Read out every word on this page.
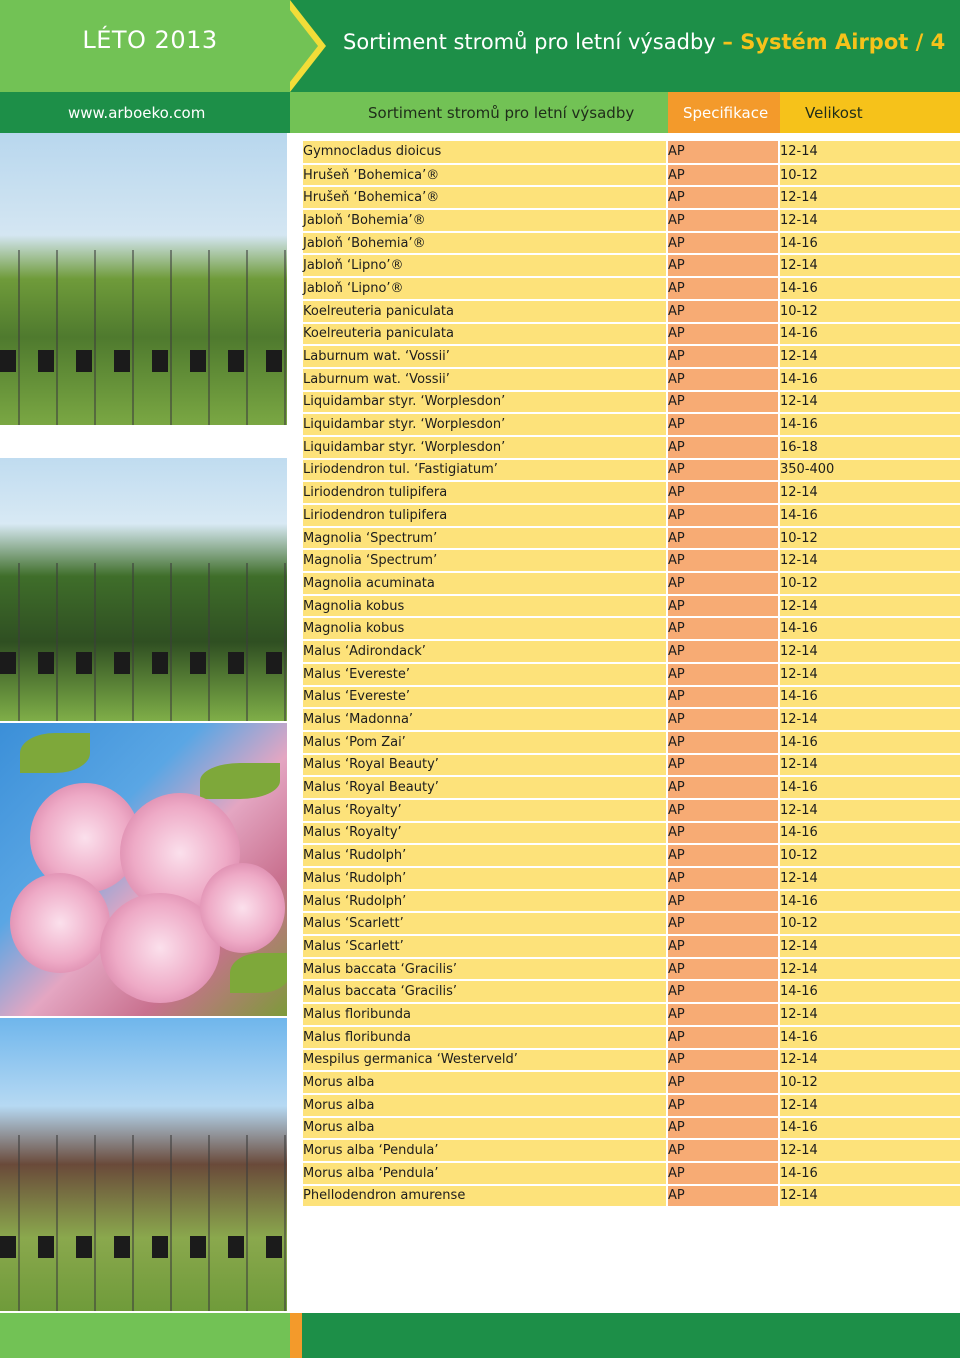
LÉTO 2013	Sortiment stromů pro letní výsadby – Systém Airpot / 4
www.arboeko.com	Sortiment stromů pro letní výsadby	Specifikace Velikost
Gymnocladus dioicus	AP	12-14
Hrušeň ‘Bohemica’®	AP	10-12
Hrušeň ‘Bohemica’®	AP	12-14
Jabloň ‘Bohemia’®	AP	12-14
Jabloň ‘Bohemia’®	AP	14-16
Jabloň ‘Lipno’®	AP	12-14
Jabloň ‘Lipno’®	AP	14-16
Koelreuteria paniculata	AP	10-12
Koelreuteria paniculata	AP	14-16
Laburnum wat. ‘Vossii’	AP	12-14
Laburnum wat. ‘Vossii’	AP	14-16
Liquidambar styr. ‘Worplesdon’	AP	12-14
Liquidambar styr. ‘Worplesdon’	AP	14-16
Liquidambar styr. ‘Worplesdon’	AP	16-18
Liriodendron tul. ‘Fastigiatum’	AP	350-400
Liriodendron tulipifera	AP	12-14
Liriodendron tulipifera	AP	14-16
Magnolia ‘Spectrum’	AP	10-12
Magnolia ‘Spectrum’	AP	12-14
Magnolia acuminata	AP	10-12
Magnolia kobus	AP	12-14
Magnolia kobus	AP	14-16
Malus ‘Adirondack’	AP	12-14
Malus ‘Evereste’	AP	12-14
Malus ‘Evereste’	AP	14-16
Malus ‘Madonna’	AP	12-14
Malus ‘Pom Zai’	AP	14-16
Malus ‘Royal Beauty’	AP	12-14
Malus ‘Royal Beauty’	AP	14-16
Malus ‘Royalty’	AP	12-14
Malus ‘Royalty’	AP	14-16
Malus ‘Rudolph’	AP	10-12
Malus ‘Rudolph’	AP	12-14
Malus ‘Rudolph’	AP	14-16
Malus ‘Scarlett’	AP	10-12
Malus ‘Scarlett’	AP	12-14
Malus baccata ‘Gracilis’	AP	12-14
Malus baccata ‘Gracilis’	AP	14-16
Malus floribunda	AP	12-14
Malus floribunda	AP	14-16
Mespilus germanica ‘Westerveld’	AP	12-14
Morus alba	AP	10-12
Morus alba	AP	12-14
Morus alba	AP	14-16
Morus alba ‘Pendula’	AP	12-14
Morus alba ‘Pendula’	AP	14-16
Phellodendron amurense	AP	12-14
